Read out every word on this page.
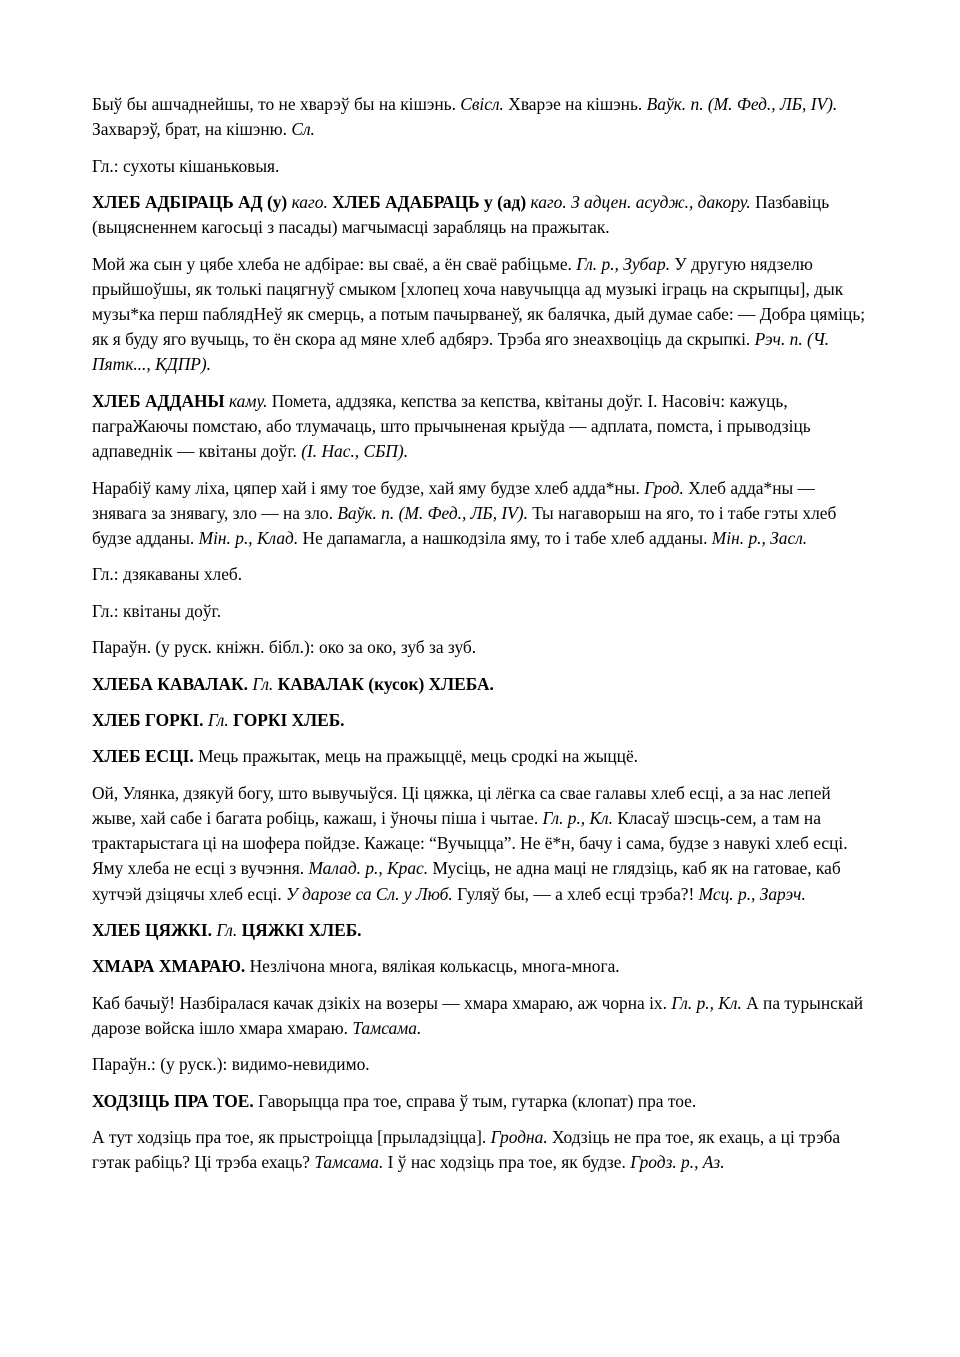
Быў бы ашчаднейшы, то не хварэў бы на кішэнь. Свісл. Хварэе на кішэнь. Ваўк. п. (М. Фед., ЛБ, IV). Захварэў, брат, на кішэню. Сл.

Гл.: сухоты кішаньковыя.

ХЛЕБ АДБІРАЦЬ АД (у) каго. ХЛЕБ АДАБРАЦЬ у (ад) каго. З адцен. асудж., дакору. Пазбавіць (выцясненнем кагосьці з пасады) магчымасці зарабляць на пражытак.

Мой жа сын у цябе хлеба не адбірае: вы сваё, а ён сваё рабіцьме. Гл. р., Зубар. У другую нядзелю прыйшоўшы, як толькі пацягнуў смыком [хлопец хоча навучыцца ад музыкі іграць на скрыпцы], дык музы*ка перш паблядНеў як смерць, а потым пачырванеў, як балячка, дый думае сабе: — Добра цяміць; як я буду яго вучыць, то ён скора ад мяне хлеб адбярэ. Трэба яго знеахвоціць да скрыпкі. Рэч. п. (Ч. Пятк..., КДПР).

ХЛЕБ АДДАНЫ каму. Помета, аддзяка, кепства за кепства, квітаны доўг. І. Насовіч: кажуць, паграЖаючы помстаю, або тлумачаць, што прычыненая крыўда — адплата, помста, і прыводзіць адпаведнік — квітаны доўг. (І. Нас., СБП).

Нарабіў каму ліха, цяпер хай і яму тое будзе, хай яму будзе хлеб адда*ны. Грод. Хлеб адда*ны — знявага за знявагу, зло — на зло. Ваўк. п. (М. Фед., ЛБ, IV). Ты нагаворыш на яго, то і табе гэты хлеб будзе адданы. Мін. р., Клад. Не дапамагла, а нашкодзіла яму, то і табе хлеб адданы. Мін. р., Засл.

Гл.: дзякаваны хлеб.

Гл.: квітаны доўг.

Параўн. (у руск. кніжн. бібл.): око за око, зуб за зуб.

ХЛЕБА КАВАЛАК. Гл. КАВАЛАК (кусок) ХЛЕБА.

ХЛЕБ ГОРКІ. Гл. ГОРКІ ХЛЕБ.

ХЛЕБ ЕСЦІ. Мець пражытак, мець на пражыццё, мець сродкі на жыццё.

Ой, Улянка, дзякуй богу, што вывучыўся. Ці цяжка, ці лёгка са свае галавы хлеб есці, а за нас лепей жыве, хай сабе і багата робіць, кажаш, і ўночы піша і чытае. Гл. р., Кл. Класаў шэсць-сем, а там на трактарыстага ці на шофера пойдзе. Кажаце: “Вучыцца”. Не ё*н, бачу і сама, будзе з навукі хлеб есці. Яму хлеба не есці з вучэння. Малад. р., Крас. Мусіць, не адна маці не глядзіць, каб як на гатовае, каб хутчэй дзіцячы хлеб есці. У дарозе са Сл. у Люб. Гуляў бы, — а хлеб есці трэба?! Мсц. р., Зарэч.

ХЛЕБ ЦЯЖКІ. Гл. ЦЯЖКІ ХЛЕБ.

ХМАРА ХМАРАЮ. Незлічона многа, вялікая колькасць, многа-многа.

Каб бачыў! Назбіралася качак дзікіх на возеры — хмара хмараю, аж чорна іх. Гл. р., Кл. А па турынскай дарозе войска ішло хмара хмараю. Тамсама.

Параўн.: (у руск.): видимо-невидимо.

ХОДЗІЦЬ ПРА ТОЕ. Гаворыцца пра тое, справа ў тым, гутарка (клопат) пра тое.

А тут ходзіць пра тое, як прыстроіцца [прыладзіцца]. Гродна. Ходзіць не пра тое, як ехаць, а ці трэба гэтак рабіць? Ці трэба ехаць? Тамсама. І ў нас ходзіць пра тое, як будзе. Гродз. р., Аз.
